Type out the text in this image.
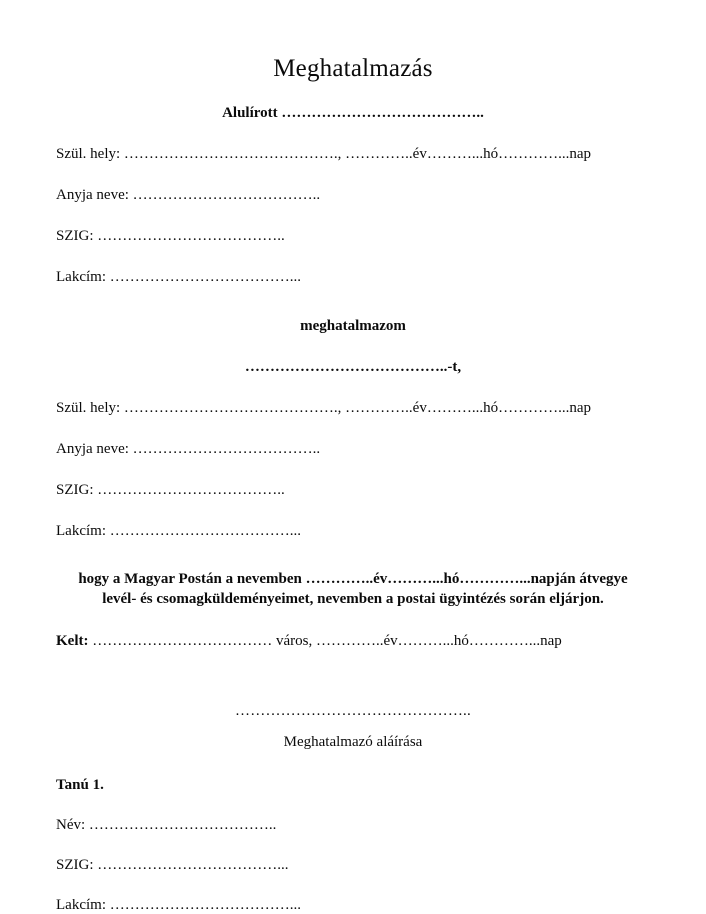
Meghatalmazás

Alulírott …………………………………..

Szül. hely: ……………………………………., …………..év………...hó…………...nap

Anyja neve: ………………………………..

SZIG: ………………………………..

Lakcím: ………………………………...

meghatalmazom

…………………………………..-t,

Szül. hely: ……………………………………., …………..év………...hó…………...nap

Anyja neve: ………………………………..

SZIG: ………………………………..

Lakcím: ………………………………...

hogy a Magyar Postán a nevemben …………..év………...hó…………...napján átvegye levél- és csomagküldeményeimet, nevemben a postai ügyintézés során eljárjon.

Kelt: ……………………………… város, …………..év………...hó…………...nap

………………………………………..

Meghatalmazó aláírása

Tanú 1.

Név: ………………………………..

SZIG: ………………………………...

Lakcím: ………………………………...
